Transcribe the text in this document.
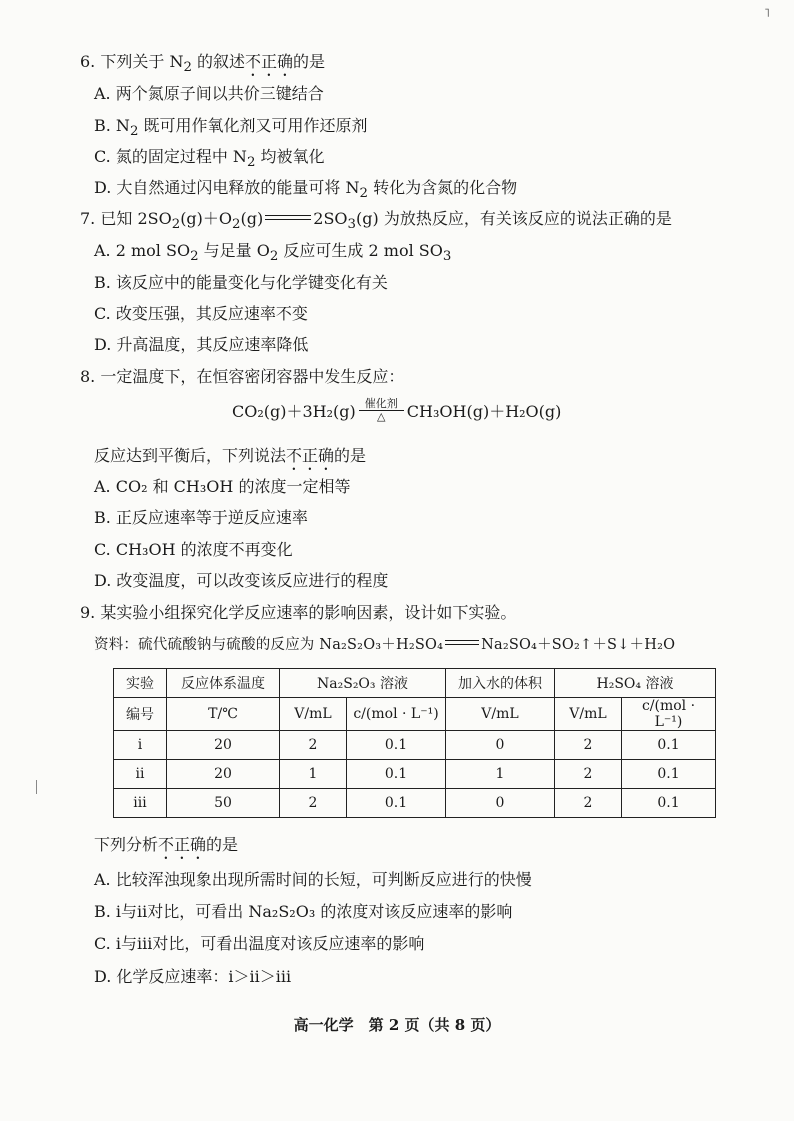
˥
6. 下列关于 $N_2$ 的叙述不正确的是
A. 两个氮原子间以共价三键结合
B. $N_2$ 既可用作氧化剂又可用作还原剂
C. 氮的固定过程中 $N_2$ 均被氧化
D. 大自然通过闪电释放的能量可将 $N_2$ 转化为含氮的化合物
7. 已知 $2SO_2(g)+O_2(g)$	$2SO_3(g)$ 为放热反应，有关该反应的说法正确的是
A. 2 mol $SO_2$ 与足量 $O_2$ 反应可生成 2 mol $SO_3$
B. 该反应中的能量变化与化学键变化有关
C. 改变压强，其反应速率不变
D. 升高温度，其反应速率降低
8. 一定温度下，在恒容密闭容器中发生反应：
$CO_2(g)+3H_2(g) \frac{\text{催化剂}}{\triangle} CH_3OH(g)+H_2O(g)$
反应达到平衡后，下列说法不正确的是
A. CO₂ 和 CH₃OH 的浓度一定相等
B. 正反应速率等于逆反应速率
C. CH₃OH 的浓度不再变化
D. 改变温度，可以改变该反应进行的程度
9. 某实验小组探究化学反应速率的影响因素，设计如下实验。
资料：硫代硫酸钠与硫酸的反应为 Na₂S₂O₃＋H₂SO₄	Na₂SO₄＋SO₂↑＋S↓＋H₂O
实验	反应体系温度	Na₂S₂O₃ 溶液		加入水的体积	H₂SO₄ 溶液	
编号	T/℃	V/mL	c/(mol · L⁻¹)	V/mL	V/mL	c/(mol · L⁻¹)
ⅰ	20	2	0.1	0	2	0.1
ⅱ	20	1	0.1	1	2	0.1
ⅲ	50	2	0.1	0	2	0.1
下列分析不正确的是
A. 比较浑浊现象出现所需时间的长短，可判断反应进行的快慢
B. ⅰ与ⅱ对比，可看出 Na₂S₂O₃ 的浓度对该反应速率的影响
C. ⅰ与ⅲ对比，可看出温度对该反应速率的影响
D. 化学反应速率：ⅰ＞ⅱ＞ⅲ
高一化学　第 2 页（共 8 页）
